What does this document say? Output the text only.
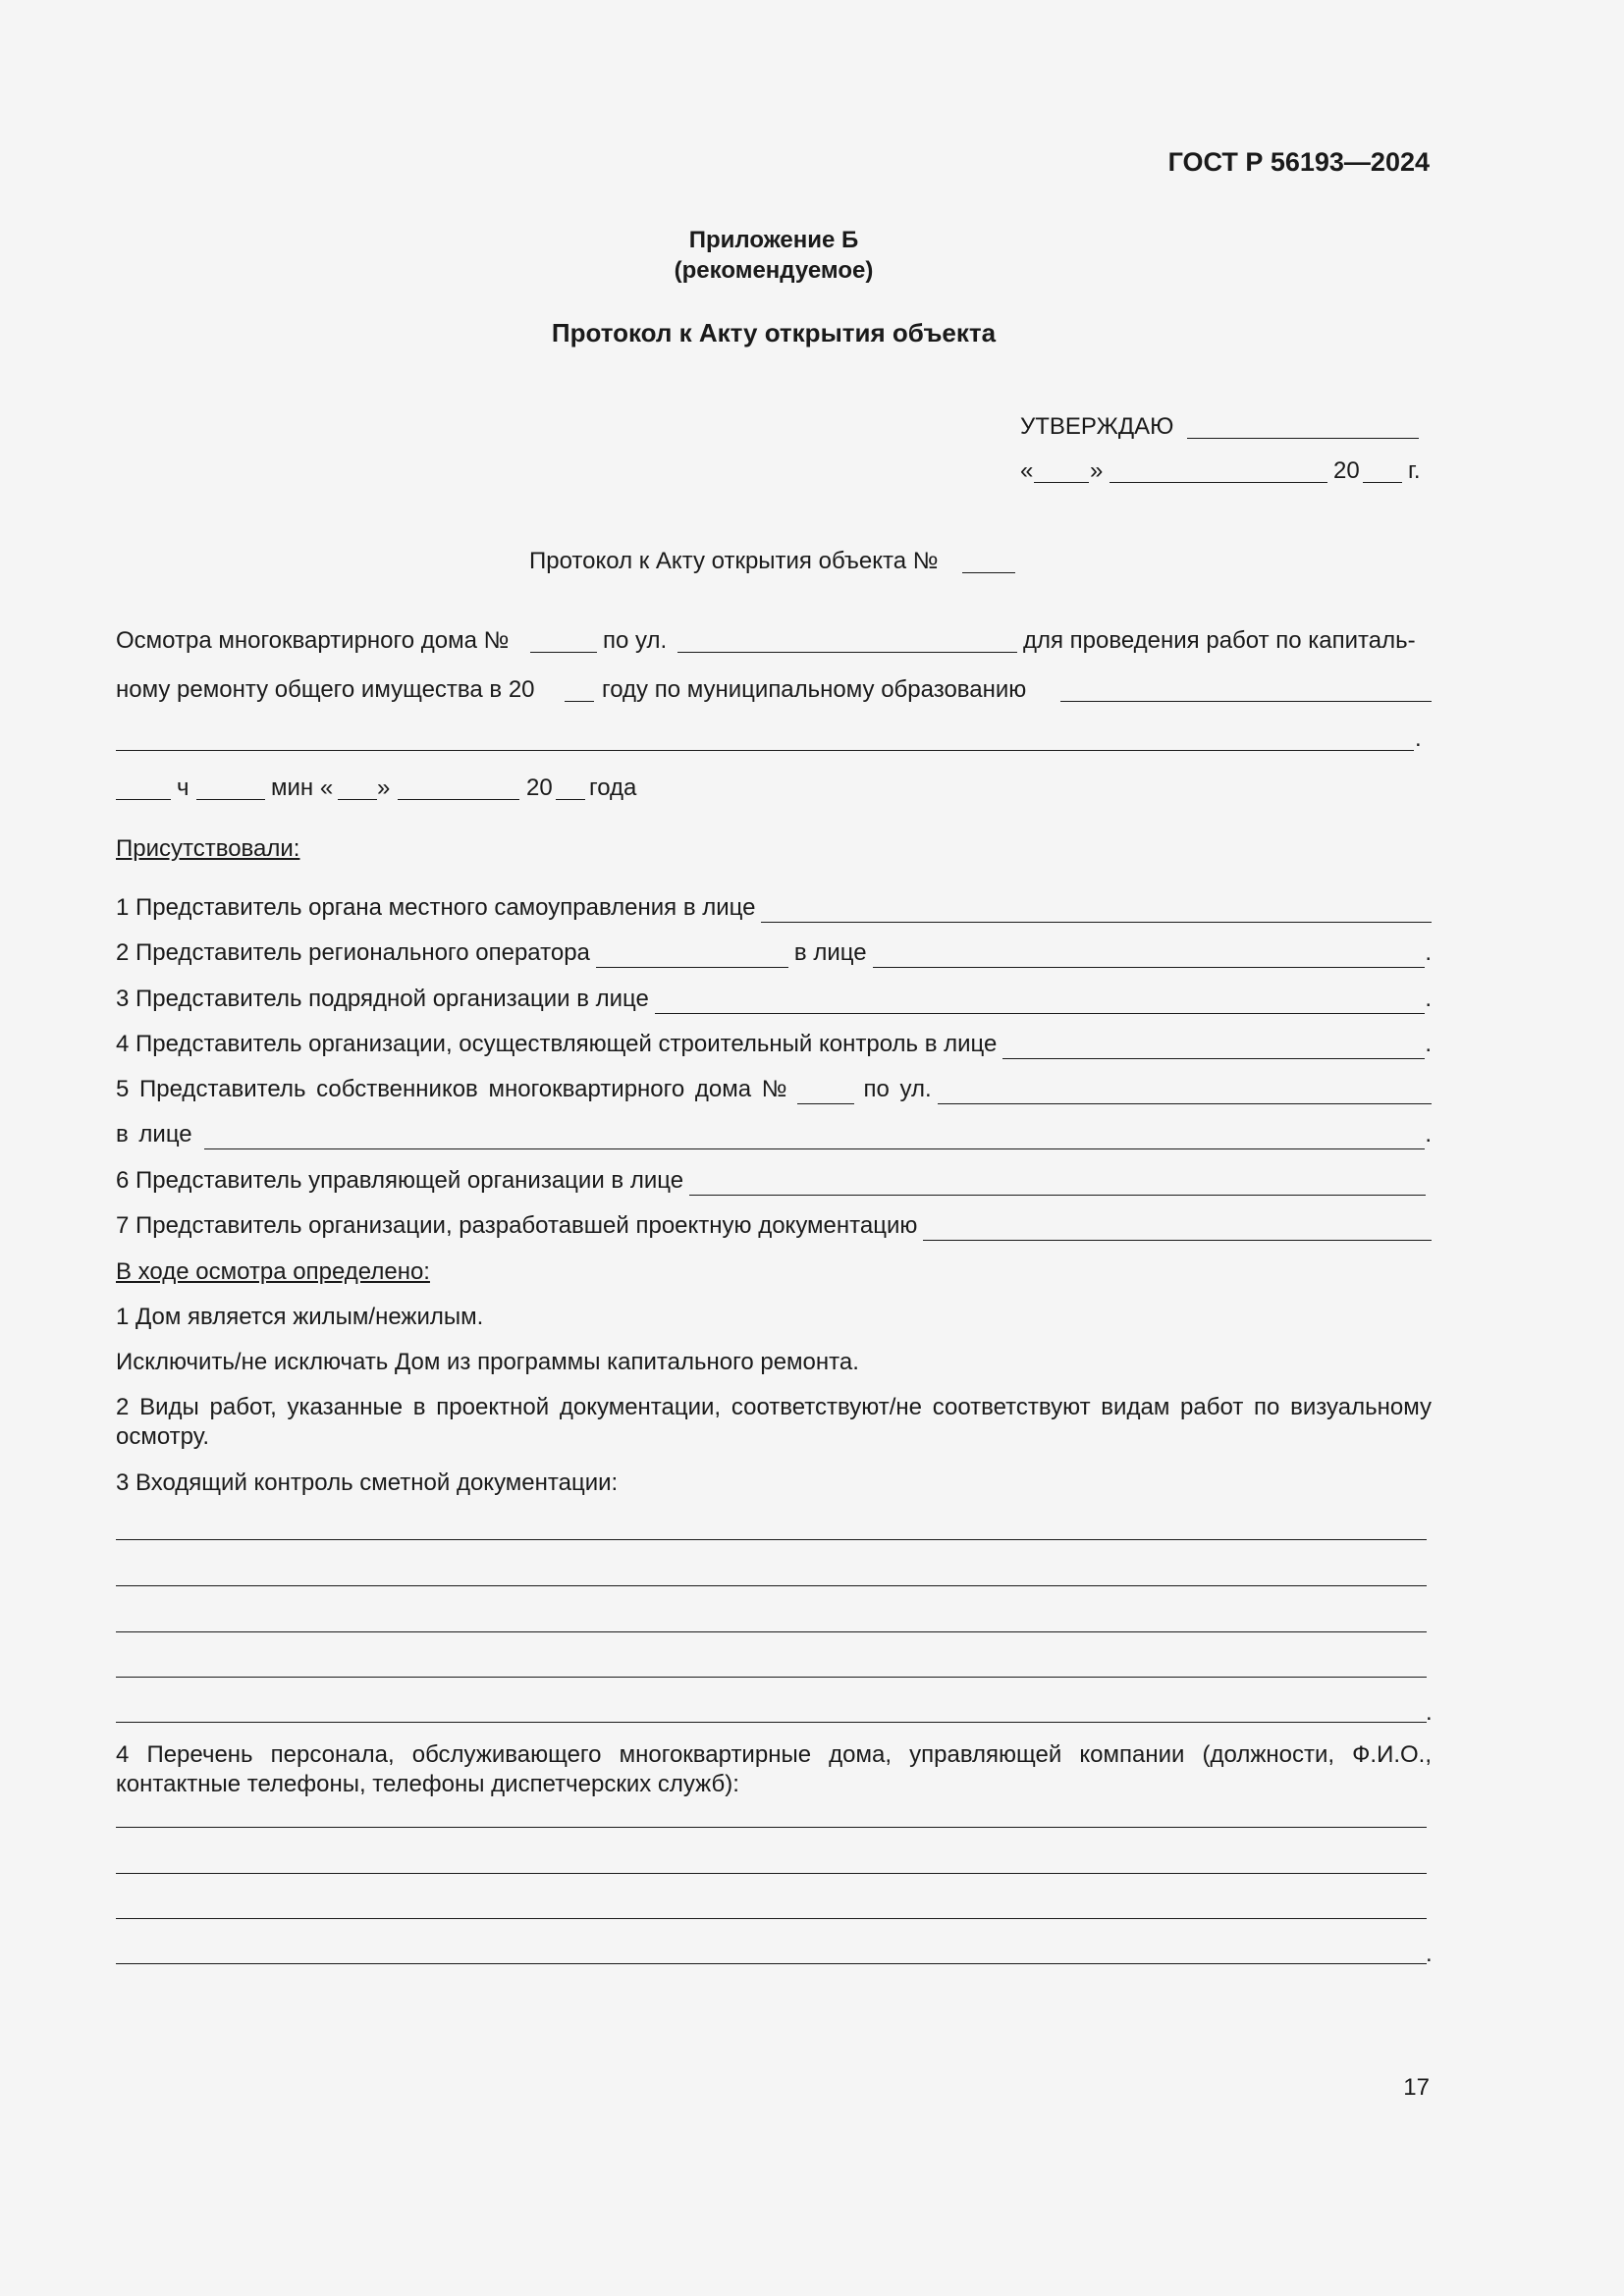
ГОСТ Р 56193—2024
Приложение Б
(рекомендуемое)
Протокол к Акту открытия объекта
УТВЕРЖДАЮ
« »	20 г.
Протокол к Акту открытия объекта №
Осмотра многоквартирного дома №	по ул.	для проведения работ по капиталь-
ному ремонту общего имущества в 20	году по муниципальному образованию
.
ч	мин « »	20 года
Присутствовали:
1 Представитель органа местного самоуправления в лице
2 Представитель регионального оператора	в лице	.
3 Представитель подрядной организации в лице	.
4 Представитель организации, осуществляющей строительный контроль в лице	.
5 Представитель собственников многоквартирного дома №	по ул.
в лице	.
6 Представитель управляющей организации в лице
7 Представитель организации, разработавшей проектную документацию
В ходе осмотра определено:
1 Дом является жилым/нежилым.
Исключить/не исключать Дом из программы капитального ремонта.
2 Виды работ, указанные в проектной документации, соответствуют/не соответствуют видам работ по визуальному осмотру.
3 Входящий контроль сметной документации:
.
4 Перечень персонала, обслуживающего многоквартирные дома, управляющей компании (должности, Ф.И.О., контактные телефоны, телефоны диспетчерских служб):
.
17
